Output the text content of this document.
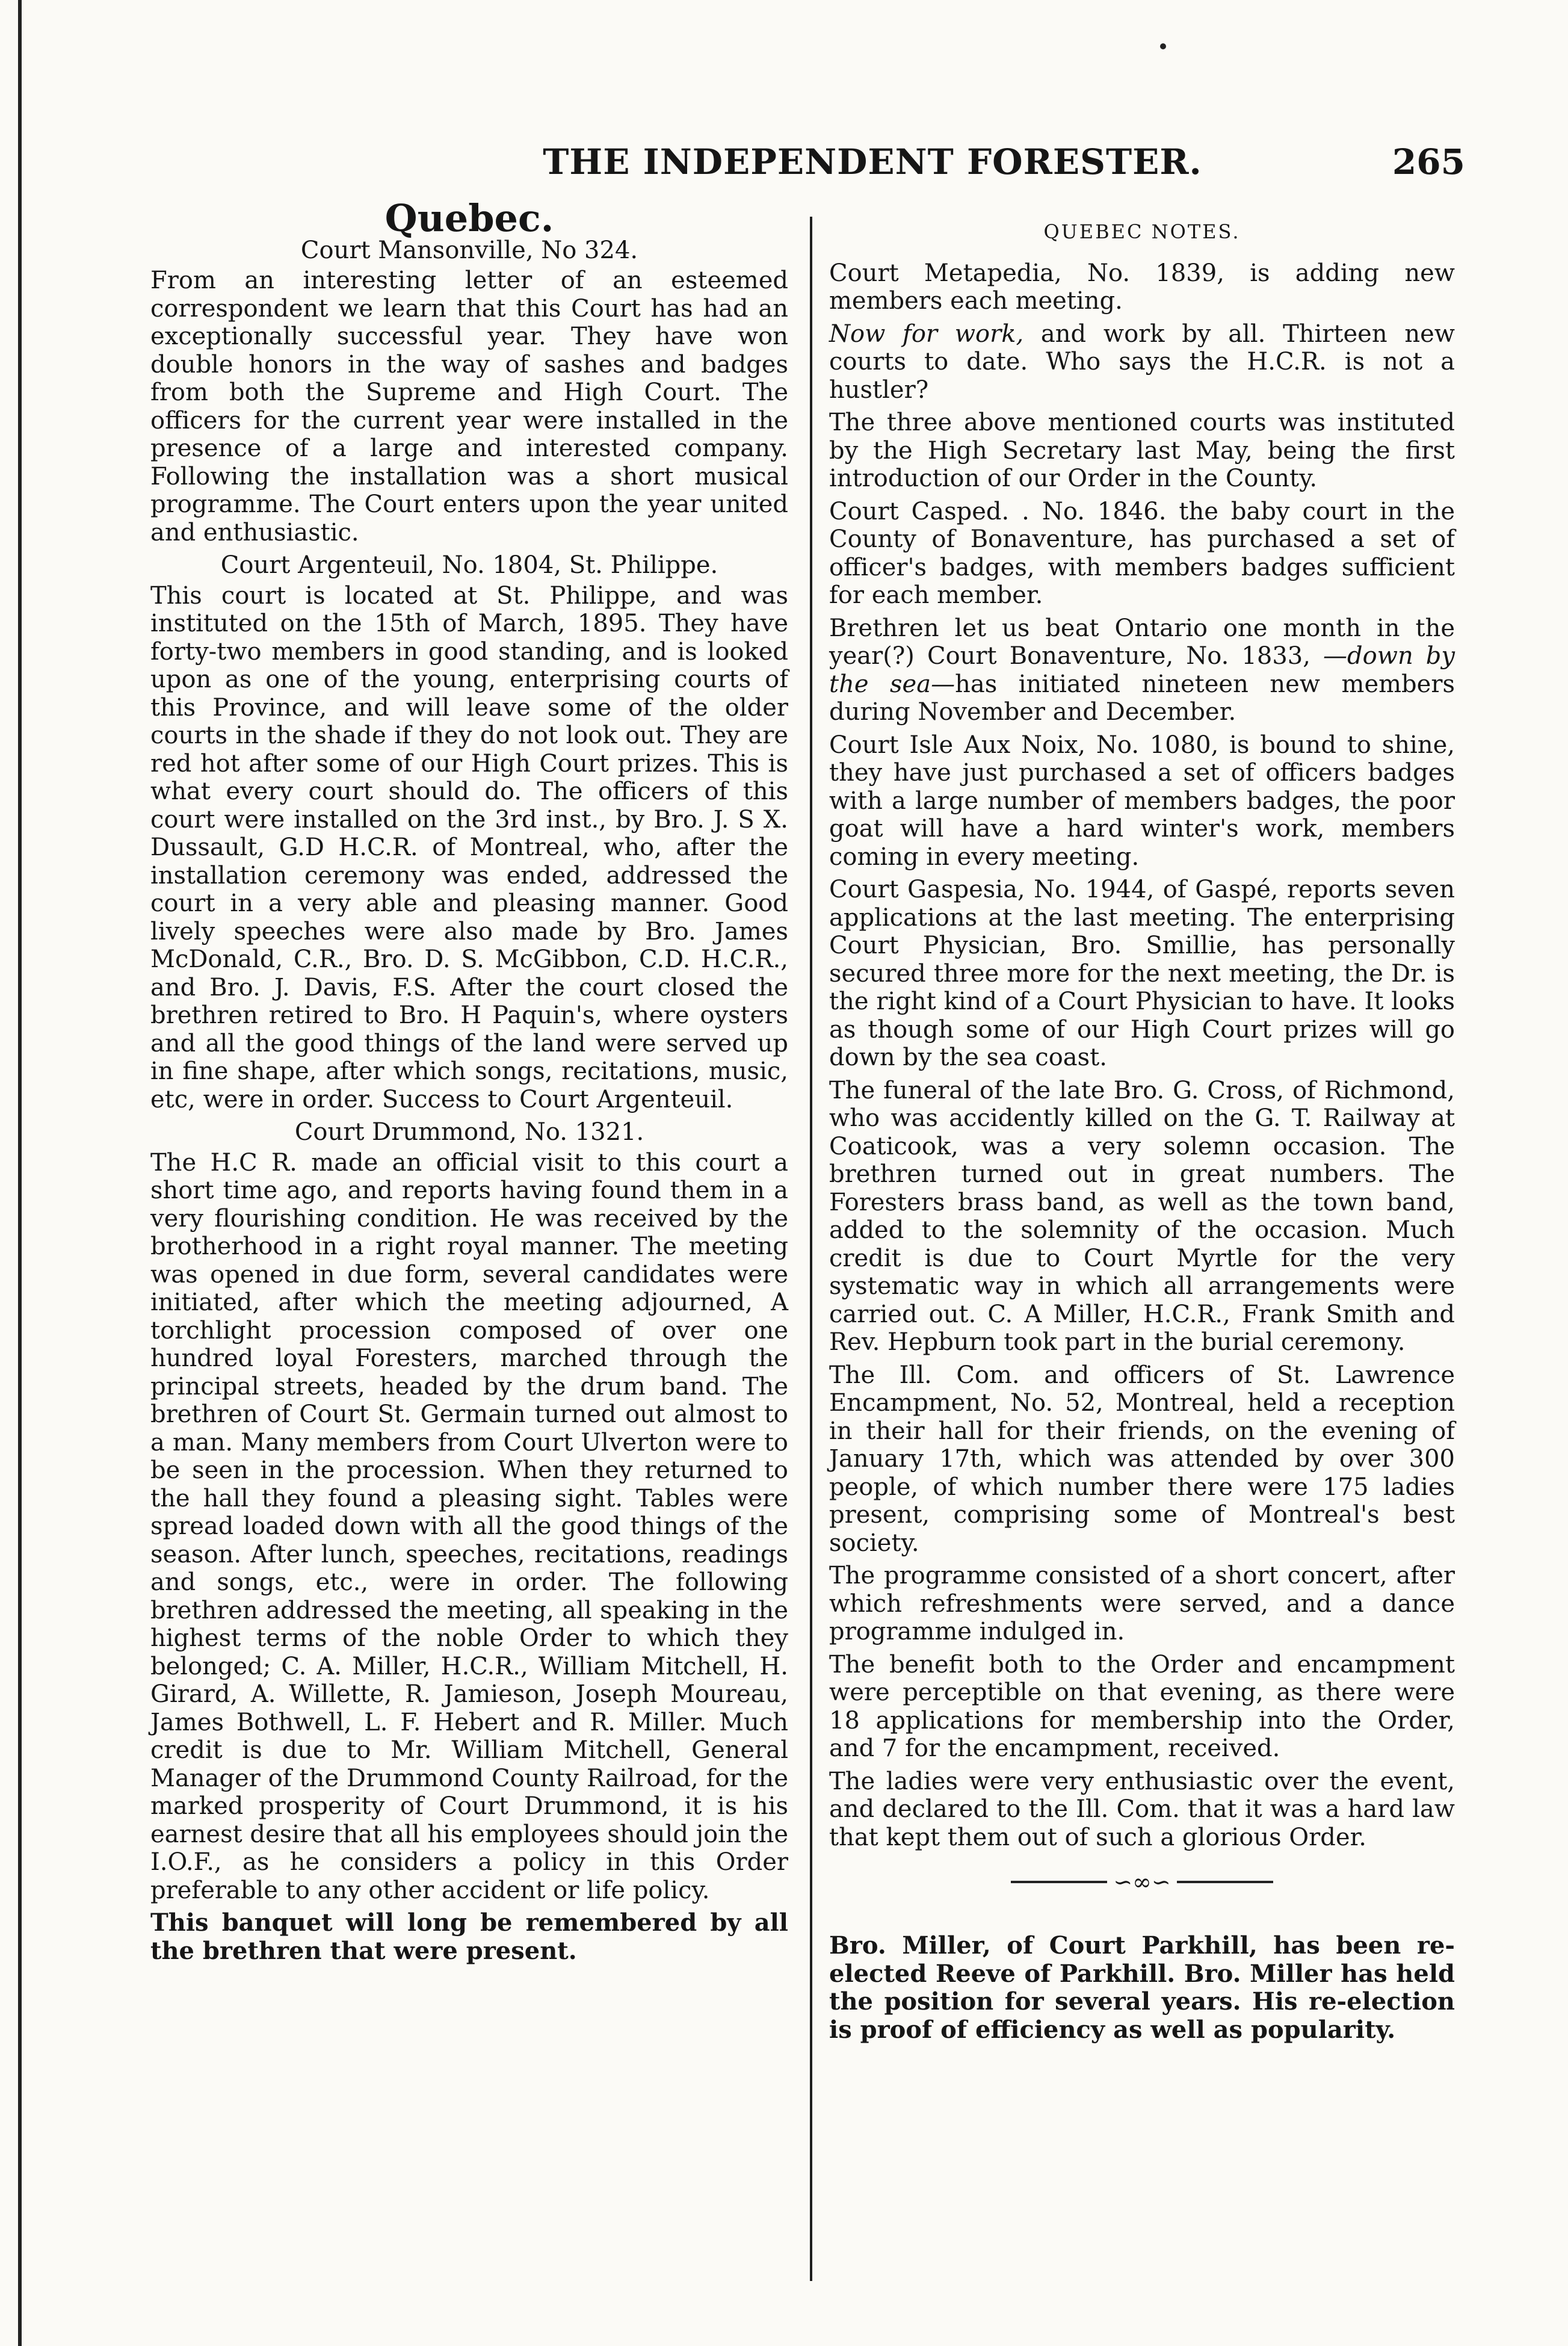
THE INDEPENDENT FORESTER.	265
Quebec.
Court Mansonville, No 324.

From an interesting letter of an esteemed correspondent we learn that this Court has had an exceptionally successful year. They have won double honors in the way of sashes and badges from both the Supreme and High Court. The officers for the current year were installed in the presence of a large and interested company. Following the installation was a short musical programme. The Court enters upon the year united and enthusiastic.

Court Argenteuil, No. 1804, St. Philippe.

This court is located at St. Philippe, and was instituted on the 15th of March, 1895. They have forty-two members in good standing, and is looked upon as one of the young, enterprising courts of this Province, and will leave some of the older courts in the shade if they do not look out. They are red hot after some of our High Court prizes. This is what every court should do. The officers of this court were installed on the 3rd inst., by Bro. J. S X. Dussault, G.D H.C.R. of Montreal, who, after the installation ceremony was ended, addressed the court in a very able and pleasing manner. Good lively speeches were also made by Bro. James McDonald, C.R., Bro. D. S. McGibbon, C.D. H.C.R., and Bro. J. Davis, F.S. After the court closed the brethren retired to Bro. H Paquin's, where oysters and all the good things of the land were served up in fine shape, after which songs, recitations, music, etc, were in order. Success to Court Argenteuil.

Court Drummond, No. 1321.

The H.C R. made an official visit to this court a short time ago, and reports having found them in a very flourishing condition. He was received by the brotherhood in a right royal manner. The meeting was opened in due form, several candidates were initiated, after which the meeting adjourned, A torchlight procession composed of over one hundred loyal Foresters, marched through the principal streets, headed by the drum band. The brethren of Court St. Germain turned out almost to a man. Many members from Court Ulverton were to be seen in the procession. When they returned to the hall they found a pleasing sight. Tables were spread loaded down with all the good things of the season. After lunch, speeches, recitations, readings and songs, etc., were in order. The following brethren addressed the meeting, all speaking in the highest terms of the noble Order to which they belonged; C. A. Miller, H.C.R., William Mitchell, H. Girard, A. Willette, R. Jamieson, Joseph Moureau, James Bothwell, L. F. Hebert and R. Miller. Much credit is due to Mr. William Mitchell, General Manager of the Drummond County Railroad, for the marked prosperity of Court Drummond, it is his earnest desire that all his employees should join the I.O.F., as he considers a policy in this Order preferable to any other accident or life policy.

This banquet will long be remembered by all the brethren that were present.

QUEBEC NOTES.

Court Metapedia, No. 1839, is adding new members each meeting.

Now for work, and work by all. Thirteen new courts to date. Who says the H.C.R. is not a hustler?

The three above mentioned courts was instituted by the High Secretary last May, being the first introduction of our Order in the County.

Court Casped. . No. 1846. the baby court in the County of Bonaventure, has purchased a set of officer's badges, with members badges sufficient for each member.

Brethren let us beat Ontario one month in the year(?) Court Bonaventure, No. 1833, —down by the sea—has initiated nineteen new members during November and December.

Court Isle Aux Noix, No. 1080, is bound to shine, they have just purchased a set of officers badges with a large number of members badges, the poor goat will have a hard winter's work, members coming in every meeting.

Court Gaspesia, No. 1944, of Gaspé, reports seven applications at the last meeting. The enterprising Court Physician, Bro. Smillie, has personally secured three more for the next meeting, the Dr. is the right kind of a Court Physician to have. It looks as though some of our High Court prizes will go down by the sea coast.

The funeral of the late Bro. G. Cross, of Richmond, who was accidently killed on the G. T. Railway at Coaticook, was a very solemn occasion. The brethren turned out in great numbers. The Foresters brass band, as well as the town band, added to the solemnity of the occasion. Much credit is due to Court Myrtle for the very systematic way in which all arrangements were carried out. C. A Miller, H.C.R., Frank Smith and Rev. Hepburn took part in the burial ceremony.

The Ill. Com. and officers of St. Lawrence Encampment, No. 52, Montreal, held a reception in their hall for their friends, on the evening of January 17th, which was attended by over 300 people, of which number there were 175 ladies present, comprising some of Montreal's best society.

The programme consisted of a short concert, after which refreshments were served, and a dance programme indulged in.

The benefit both to the Order and encampment were perceptible on that evening, as there were 18 applications for membership into the Order, and 7 for the encampment, received.

The ladies were very enthusiastic over the event, and declared to the Ill. Com. that it was a hard law that kept them out of such a glorious Order.

∽∞∽

Bro. Miller, of Court Parkhill, has been re-elected Reeve of Parkhill. Bro. Miller has held the position for several years. His re-election is proof of efficiency as well as popularity.
